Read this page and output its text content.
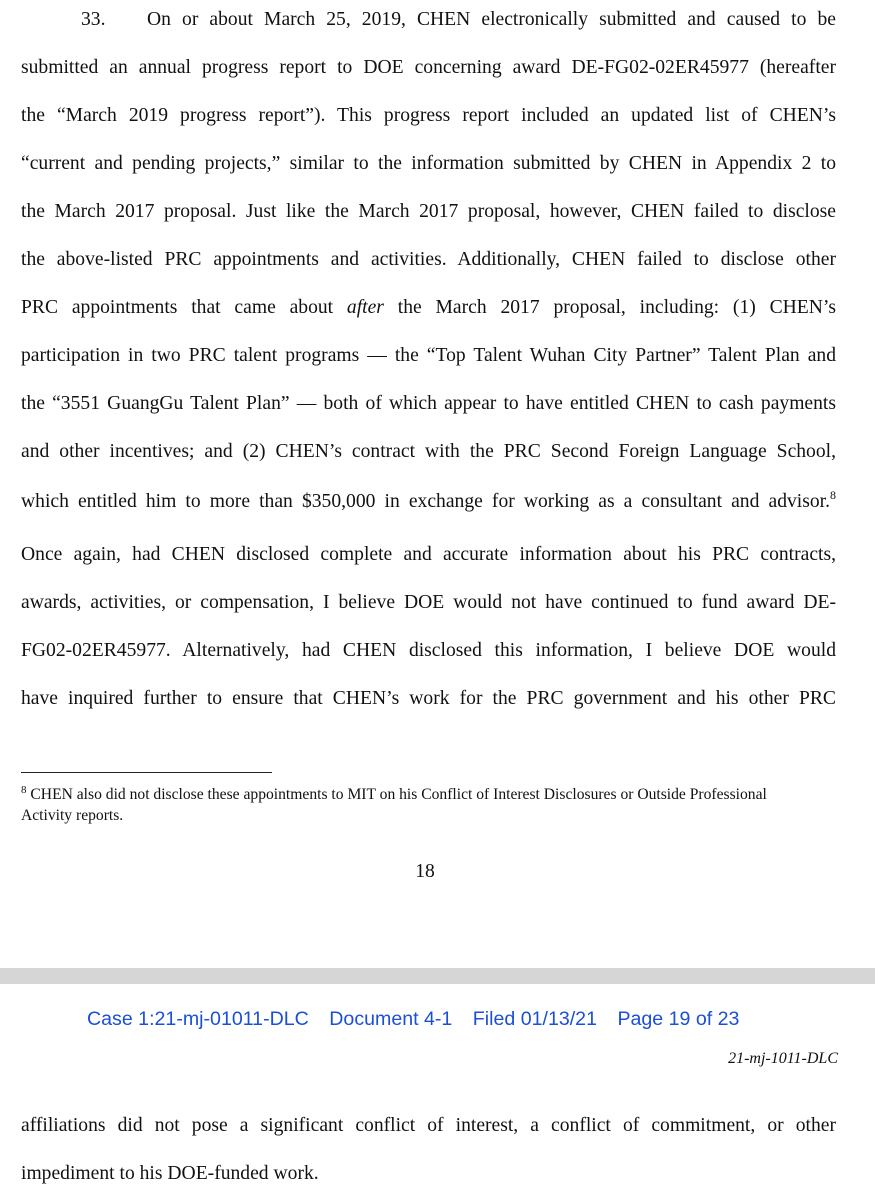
33. On or about March 25, 2019, CHEN electronically submitted and caused to be
submitted an annual progress report to DOE concerning award DE-FG02-02ER45977 (hereafter
the “March 2019 progress report”). This progress report included an updated list of CHEN’s
“current and pending projects,” similar to the information submitted by CHEN in Appendix 2 to
the March 2017 proposal. Just like the March 2017 proposal, however, CHEN failed to disclose
the above-listed PRC appointments and activities. Additionally, CHEN failed to disclose other
PRC appointments that came about after the March 2017 proposal, including: (1) CHEN’s
participation in two PRC talent programs — the “Top Talent Wuhan City Partner” Talent Plan and
the “3551 GuangGu Talent Plan” — both of which appear to have entitled CHEN to cash payments
and other incentives; and (2) CHEN’s contract with the PRC Second Foreign Language School,
which entitled him to more than $350,000 in exchange for working as a consultant and advisor.$^8$
Once again, had CHEN disclosed complete and accurate information about his PRC contracts,
awards, activities, or compensation, I believe DOE would not have continued to fund award DE-
FG02-02ER45977. Alternatively, had CHEN disclosed this information, I believe DOE would
have inquired further to ensure that CHEN’s work for the PRC government and his other PRC
$^8$ CHEN also did not disclose these appointments to MIT on his Conflict of Interest Disclosures or Outside Professional
Activity reports.
18
Case 1:21-mj-01011-DLC Document 4-1 Filed 01/13/21 Page 19 of 23
21-mj-1011-DLC
affiliations did not pose a significant conflict of interest, a conflict of commitment, or other
impediment to his DOE-funded work.
